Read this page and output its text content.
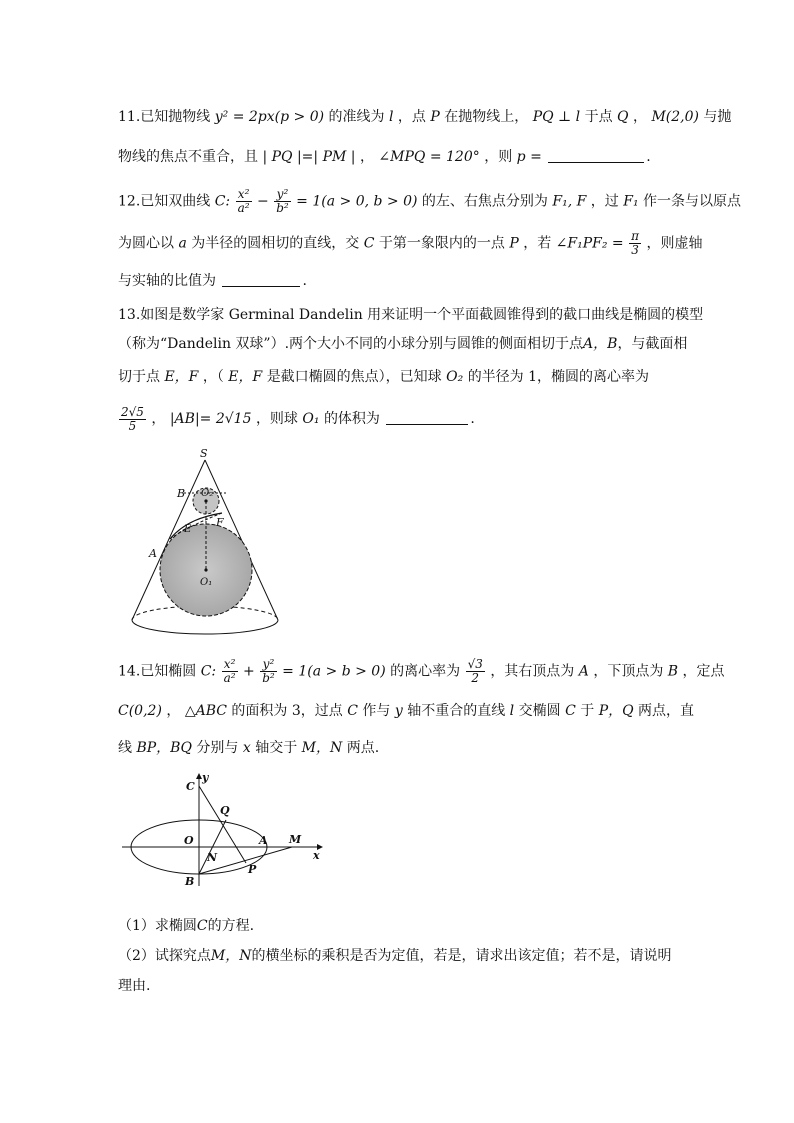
11.已知抛物线 y² = 2px(p > 0) 的准线为 l ，点 P 在抛物线上， PQ ⊥ l 于点 Q ， M(2,0) 与抛
物线的焦点不重合，且 | PQ |=| PM | ， ∠MPQ = 120° ，则 p =	.
12.已知双曲线 C: $\frac{\text{x²}}{\text{a²}} - \frac{\text{y²}}{\text{b²}} = 1(a > 0$, b > 0) 的左、右焦点分别为 F₁, F ，过 F₁ 作一条与以原点
为圆心以 a 为半径的圆相切的直线，交 C 于第一象限内的一点 P ，若 ∠F₁PF₂ = $\frac{\pi}{3}$ ，则虚轴
与实轴的比值为	.
13.如图是数学家 Germinal Dandelin 用来证明一个平面截圆锥得到的截口曲线是椭圆的模型
（称为“Dandelin 双球”）.两个大小不同的小球分别与圆锥的侧面相切于点A，B，与截面相
切于点 E，F ，（ E，F 是截口椭圆的焦点），已知球 O₂ 的半径为 1，椭圆的离心率为
$\frac{2√5}{5}$ ， |AB|= 2√15 ，则球 O₁ 的体积为	.
S
B O₂
F
E
A
O₁
14.已知椭圆 C: $\frac{\text{x²}}{\text{a²}} + \frac{\text{y²}}{\text{b²}} = 1(a > b > 0)$ 的离心率为 $\frac{√3}{2}$ ，其右顶点为 A ，下顶点为 B ，定点
C(0,2) ， △ABC 的面积为 3，过点 C 作与 y 轴不重合的直线 l 交椭圆 C 于 P，Q 两点，直
线 BP，BQ 分别与 x 轴交于 M，N 两点.
y
C
Q
O
N
A M
x
B
P
（1）求椭圆C的方程.
（2）试探究点M，N的横坐标的乘积是否为定值，若是，请求出该定值；若不是，请说明
理由.
